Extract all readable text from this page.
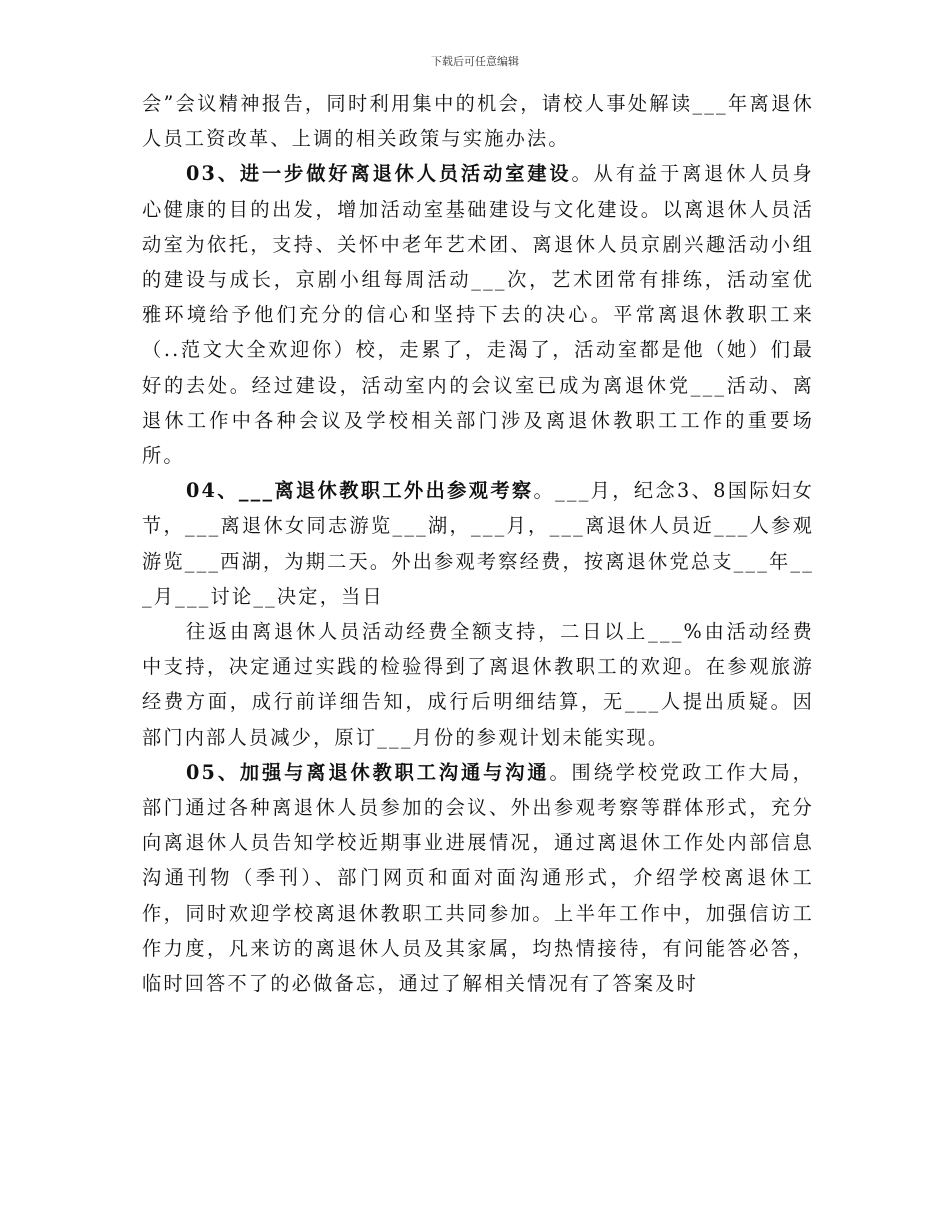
下载后可任意编辑

会”会议精神报告，同时利用集中的机会，请校人事处解读___年离退休人员工资改革、上调的相关政策与实施办法。

03、进一步做好离退休人员活动室建设。从有益于离退休人员身心健康的目的出发，增加活动室基础建设与文化建设。以离退休人员活动室为依托，支持、关怀中老年艺术团、离退休人员京剧兴趣活动小组的建设与成长，京剧小组每周活动___次，艺术团常有排练，活动室优雅环境给予他们充分的信心和坚持下去的决心。平常离退休教职工来（..范文大全欢迎你）校，走累了，走渴了，活动室都是他（她）们最好的去处。经过建设，活动室内的会议室已成为离退休党___活动、离退休工作中各种会议及学校相关部门涉及离退休教职工工作的重要场所。

04、___离退休教职工外出参观考察。___月，纪念3、8国际妇女节，___离退休女同志游览___湖，___月，___离退休人员近___人参观游览___西湖，为期二天。外出参观考察经费，按离退休党总支___年___月___讨论__决定，当日

往返由离退休人员活动经费全额支持，二日以上___%由活动经费中支持，决定通过实践的检验得到了离退休教职工的欢迎。在参观旅游经费方面，成行前详细告知，成行后明细结算，无___人提出质疑。因部门内部人员减少，原订___月份的参观计划未能实现。

05、加强与离退休教职工沟通与沟通。围绕学校党政工作大局，部门通过各种离退休人员参加的会议、外出参观考察等群体形式，充分向离退休人员告知学校近期事业进展情况，通过离退休工作处内部信息沟通刊物（季刊）、部门网页和面对面沟通形式，介绍学校离退休工作，同时欢迎学校离退休教职工共同参加。上半年工作中，加强信访工作力度，凡来访的离退休人员及其家属，均热情接待，有问能答必答，临时回答不了的必做备忘，通过了解相关情况有了答案及时
